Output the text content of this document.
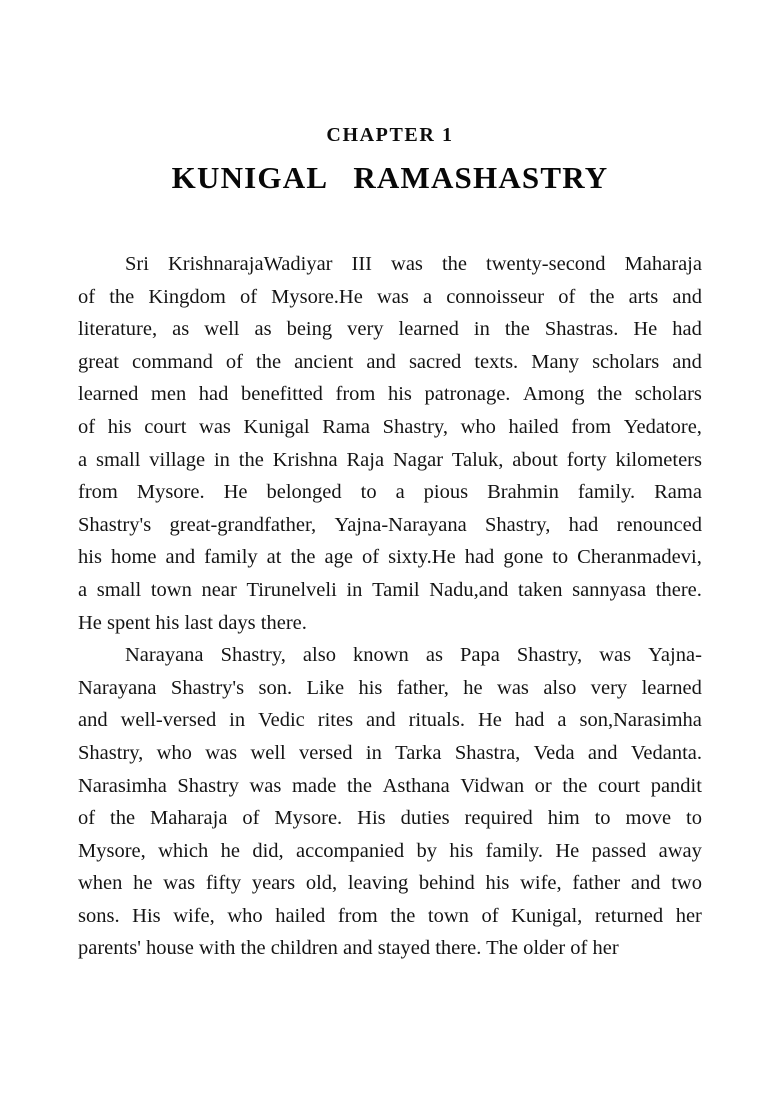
CHAPTER 1
KUNIGAL   RAMASHASTRY
Sri KrishnarajaWadiyar III was the twenty-second Maharaja
of the Kingdom of Mysore.He was a connoisseur of the arts and
literature, as well as being very learned in the Shastras. He had
great command of the ancient and sacred texts. Many scholars and
learned men had benefitted from his patronage. Among the scholars
of his court was Kunigal Rama Shastry, who hailed from Yedatore,
a small village in the Krishna Raja Nagar Taluk, about forty kilometers
from Mysore. He belonged to a pious Brahmin family. Rama
Shastry's great-grandfather, Yajna-Narayana Shastry, had renounced
his home and family at the age of sixty.He had gone to Cheranmadevi,
a small town near Tirunelveli in Tamil Nadu,and taken sannyasa there.
He spent his last days there.
Narayana Shastry, also known as Papa Shastry, was Yajna-
Narayana Shastry's son. Like his father, he was also very learned
and well-versed in Vedic rites and rituals. He had a son,Narasimha
Shastry, who was well versed in Tarka Shastra, Veda and Vedanta.
Narasimha Shastry was made the Asthana Vidwan or the court pandit
of the Maharaja of Mysore. His duties required him to move to
Mysore, which he did, accompanied by his family. He passed away
when he was fifty years old, leaving behind his wife, father and two
sons. His wife, who hailed from the town of Kunigal, returned her
parents' house with the children and stayed there. The older of her
